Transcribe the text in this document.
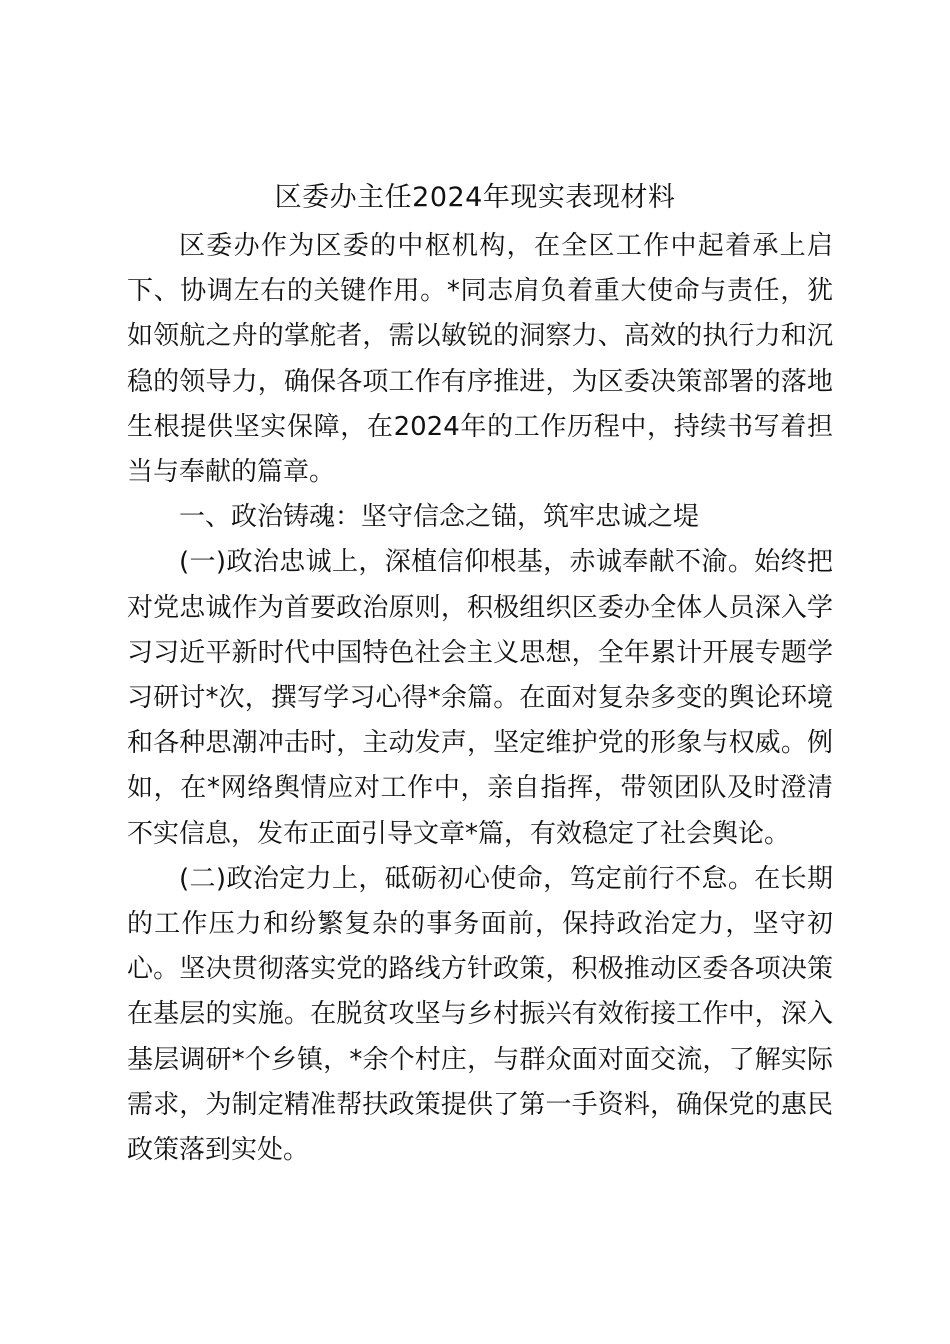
区委办主任2024年现实表现材料

区委办作为区委的中枢机构，在全区工作中起着承上启下、协调左右的关键作用。*同志肩负着重大使命与责任，犹如领航之舟的掌舵者，需以敏锐的洞察力、高效的执行力和沉稳的领导力，确保各项工作有序推进，为区委决策部署的落地生根提供坚实保障，在2024年的工作历程中，持续书写着担当与奉献的篇章。

一、政治铸魂：坚守信念之锚，筑牢忠诚之堤

(一)政治忠诚上，深植信仰根基，赤诚奉献不渝。始终把对党忠诚作为首要政治原则，积极组织区委办全体人员深入学习习近平新时代中国特色社会主义思想，全年累计开展专题学习研讨*次，撰写学习心得*余篇。在面对复杂多变的舆论环境和各种思潮冲击时，主动发声，坚定维护党的形象与权威。例如，在*网络舆情应对工作中，亲自指挥，带领团队及时澄清不实信息，发布正面引导文章*篇，有效稳定了社会舆论。

(二)政治定力上，砥砺初心使命，笃定前行不怠。在长期的工作压力和纷繁复杂的事务面前，保持政治定力，坚守初心。坚决贯彻落实党的路线方针政策，积极推动区委各项决策在基层的实施。在脱贫攻坚与乡村振兴有效衔接工作中，深入基层调研*个乡镇，*余个村庄，与群众面对面交流，了解实际需求，为制定精准帮扶政策提供了第一手资料，确保党的惠民政策落到实处。
